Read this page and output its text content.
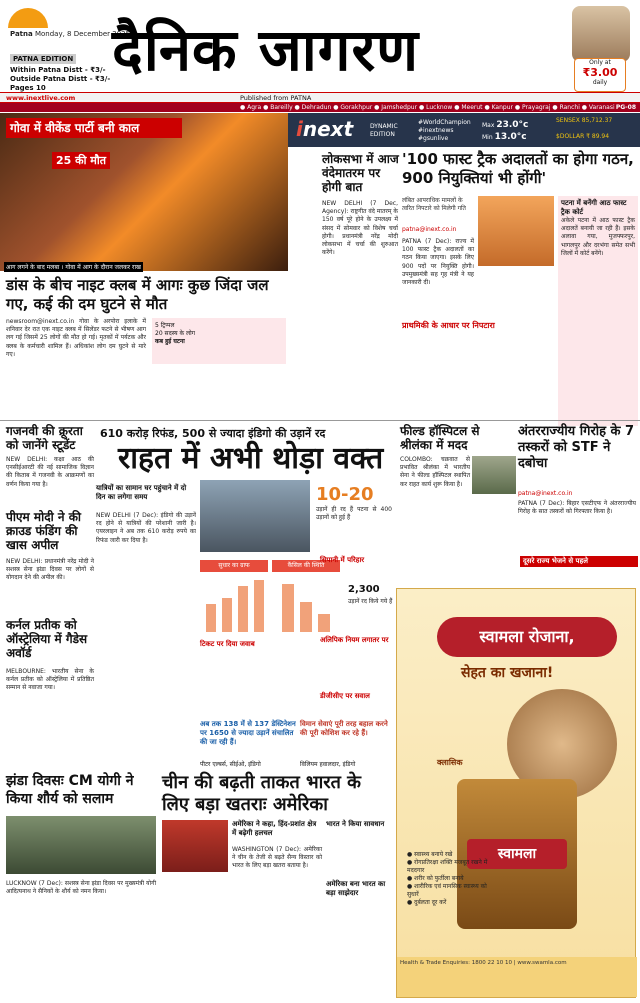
Patna Monday, 8 December 2025
PATNA EDITION
Within Patna Distt - ₹3/-
Outside Patna Distt - ₹3/-
Pages 10
दैनिक जागरण	Only at
₹3.00
daily
www.inextlive.com	Published from PATNA
● Agra ● Bareilly ● Dehradun ● Gorakhpur ● Jamshedpur ● Lucknow ● Meerut ● Kanpur ● Prayagraj ● Ranchi ● Varanasi PG-08
inext	DYNAMIC EDITION
#WorldChampion #inextnews #gsunlive
Max 23.0°c
Min 13.0°c
SENSEX 85,712.37
$DOLLAR ₹ 89.94
गोवा में वीकेंड पार्टी बनी काल
25 की मौत
आग लगने के बाद मलबा । गोवा में आग के दौरान जलकर राख
डांस के बीच नाइट क्लब में आगः कुछ जिंदा जल गए, कई की दम घुटने से मौत
newsroom@inext.co.in गोवा के अरपोरा इलाके में शनिवार देर रात एक नाइट क्लब में सिलेंडर फटने से भीषण आग लग गई जिसमें 25 लोगों की मौत हो गई। मृतकों में पर्यटक और क्लब के कर्मचारी शामिल हैं। अधिकांश लोग दम घुटने से मारे गए।
5 ट्रिप्पल
20 सदस्य के लोग
कब हुई घटना
लोकसभा में आज वंदेमातरम पर होगी बात
NEW DELHI (7 Dec, Agency): राष्ट्रगीत वंदे मातरम् के 150 वर्ष पूरे होने के उपलक्ष्य में संसद में सोमवार को विशेष चर्चा होगी। प्रधानमंत्री नरेंद्र मोदी लोकसभा में चर्चा की शुरुआत करेंगे।
'100 फास्ट ट्रैक अदालतों का होगा गठन, 900 नियुक्तियां भी होंगी'
लंबित आपराधिक मामलों के त्वरित निपटारे को मिलेगी गति
patna@inext.co.in
PATNA (7 Dec): राज्य में 100 फास्ट ट्रैक अदालतों का गठन किया जाएगा। इसके लिए 900 पदों पर नियुक्ति होगी। उपमुख्यमंत्री सह गृह मंत्री ने यह जानकारी दी।
पटना में बनेंगी आठ फास्ट ट्रैक कोर्ट
अकेले पटना में आठ फास्ट ट्रैक अदालतें बनायी जा रही हैं। इसके अलावा गया, मुजफ्फरपुर, भागलपुर और दरभंगा समेत सभी जिलों में कोर्ट बनेंगे।
प्राथमिकी के आधार पर निपटारा
गजनवी की क्रूरता को जानेंगे स्टूडेंट
NEW DELHI: कक्षा आठ की एनसीईआरटी की नई सामाजिक विज्ञान की किताब में गजनवी के आक्रमणों का वर्णन किया गया है।
610 करोड़ रिफंड, 500 से ज्यादा इंडिगो की उड़ानें रद
राहत में अभी थोड़ा वक्त
यात्रियों का सामान घर पहुंचाने में दो दिन का लगेगा समय	10-20
उड़ानें ही रद हैं पटना से 400 उड़ानों को हुई हैं
NEW DELHI (7 Dec): इंडिगो की उड़ानें रद होने से यात्रियों की परेशानी जारी है। एयरलाइन ने अब तक 610 करोड़ रुपये का रिफंड जारी कर दिया है।
सुधार का ग्राफ	कैंसिल की स्थिति
2,300
उड़ानें रद किये गये हैं
सिपानी में परिहार
अलिपिक नियम लगातर पर
डीजीसीए पर सवाल
टिकट पर दिया जवाब
अब तक 138 में से 137 डेस्टिनेशन पर 1650 से ज्यादा उड़ानें संचालित की जा रही हैं।
पीटर एल्बर्स, सीईओ, इंडिगो
विमान सेवाएं पूरी तरह बहाल करने की पूरी कोशिश कर रहे हैं।
विलियम हवालदार, इंडिगो
पीएम मोदी ने की क्राउड फंडिंग की खास अपील
NEW DELHI: प्रधानमंत्री नरेंद्र मोदी ने सशस्त्र सेना झंडा दिवस पर लोगों से योगदान देने की अपील की।
कर्नल प्रतीक को ऑस्ट्रेलिया में गैडेस अवॉर्ड
MELBOURNE: भारतीय सेना के कर्नल प्रतीक को ऑस्ट्रेलिया में प्रतिष्ठित सम्मान से नवाजा गया।
झंडा दिवसः CM योगी ने किया शौर्य को सलाम
LUCKNOW (7 Dec): सशस्त्र सेना झंडा दिवस पर मुख्यमंत्री योगी आदित्यनाथ ने सैनिकों के शौर्य को नमन किया।
चीन की बढ़ती ताकत भारत के लिए बड़ा खतराः अमेरिका
अमेरिका ने कहा, हिंद-प्रशांत क्षेत्र में बढ़ेगी हलचल
WASHINGTON (7 Dec): अमेरिका ने चीन के तेजी से बढ़ते सैन्य विस्तार को भारत के लिए बड़ा खतरा बताया है।
भारत ने किया सावधान
अमेरिका बना भारत का बड़ा साझेदार
फील्ड हॉस्पिटल से श्रीलंका में मदद
COLOMBO: चक्रवात से प्रभावित श्रीलंका में भारतीय सेना ने फील्ड हॉस्पिटल स्थापित कर राहत कार्य शुरू किया है।
अंतरराज्यीय गिरोह के 7 तस्करों को STF ने दबोचा
patna@inext.co.in
PATNA (7 Dec): बिहार एसटीएफ ने अंतरराज्यीय गिरोह के सात तस्करों को गिरफ्तार किया है।
दूसरे राज्य भेजने से पहले
स्वामला रोजाना,
सेहत का खजाना!
स्वामला
क्लासिक
● स्वास्थ्य बनाये रखे
● रोगप्रतिरक्षा शक्ति मजबूत रखने में मददगार
● शरीर को फुर्तीला बनाये
● शारीरिक एवं मानसिक स्वास्थ्य को सुधारें
● दुर्बलता दूर करें
Health & Trade Enquiries: 1800 22 10 10 | www.swamla.com
